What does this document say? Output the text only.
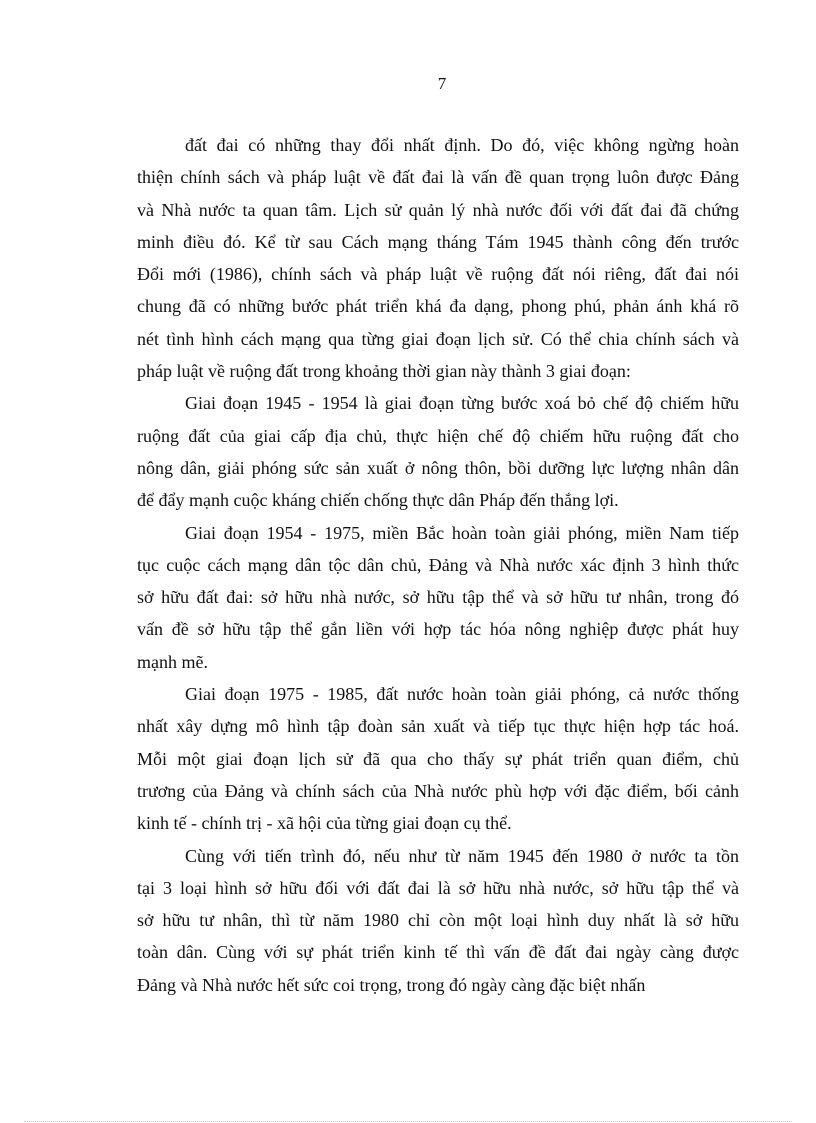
7
đất đai có những thay đổi nhất định. Do đó, việc không ngừng hoàn
thiện chính sách và pháp luật về đất đai là vấn đề quan trọng luôn được Đảng
và Nhà nước ta quan tâm. Lịch sử quản lý nhà nước đối với đất đai đã chứng
minh điều đó. Kể từ sau Cách mạng tháng Tám 1945 thành công đến trước
Đổi mới (1986), chính sách và pháp luật về ruộng đất nói riêng, đất đai nói
chung đã có những bước phát triển khá đa dạng, phong phú, phản ánh khá rõ
nét tình hình cách mạng qua từng giai đoạn lịch sử. Có thể chia chính sách và
pháp luật về ruộng đất trong khoảng thời gian này thành 3 giai đoạn:
Giai đoạn 1945 - 1954 là giai đoạn từng bước xoá bỏ chế độ chiếm hữu
ruộng đất của giai cấp địa chủ, thực hiện chế độ chiếm hữu ruộng đất cho
nông dân, giải phóng sức sản xuất ở nông thôn, bồi dưỡng lực lượng nhân dân
để đẩy mạnh cuộc kháng chiến chống thực dân Pháp đến thắng lợi.
Giai đoạn 1954 - 1975, miền Bắc hoàn toàn giải phóng, miền Nam tiếp
tục cuộc cách mạng dân tộc dân chủ, Đảng và Nhà nước xác định 3 hình thức
sở hữu đất đai: sở hữu nhà nước, sở hữu tập thể và sở hữu tư nhân, trong đó
vấn đề sở hữu tập thể gắn liền với hợp tác hóa nông nghiệp được phát huy
mạnh mẽ.
Giai đoạn 1975 - 1985, đất nước hoàn toàn giải phóng, cả nước thống
nhất xây dựng mô hình tập đoàn sản xuất và tiếp tục thực hiện hợp tác hoá.
Mỗi một giai đoạn lịch sử đã qua cho thấy sự phát triển quan điểm, chủ
trương của Đảng và chính sách của Nhà nước phù hợp với đặc điểm, bối cảnh
kinh tế - chính trị - xã hội của từng giai đoạn cụ thể.
Cùng với tiến trình đó, nếu như từ năm 1945 đến 1980 ở nước ta tồn
tại 3 loại hình sở hữu đối với đất đai là sở hữu nhà nước, sở hữu tập thể và
sở hữu tư nhân, thì từ năm 1980 chỉ còn một loại hình duy nhất là sở hữu
toàn dân. Cùng với sự phát triển kinh tế thì vấn đề đất đai ngày càng được
Đảng và Nhà nước hết sức coi trọng, trong đó ngày càng đặc biệt nhấn
